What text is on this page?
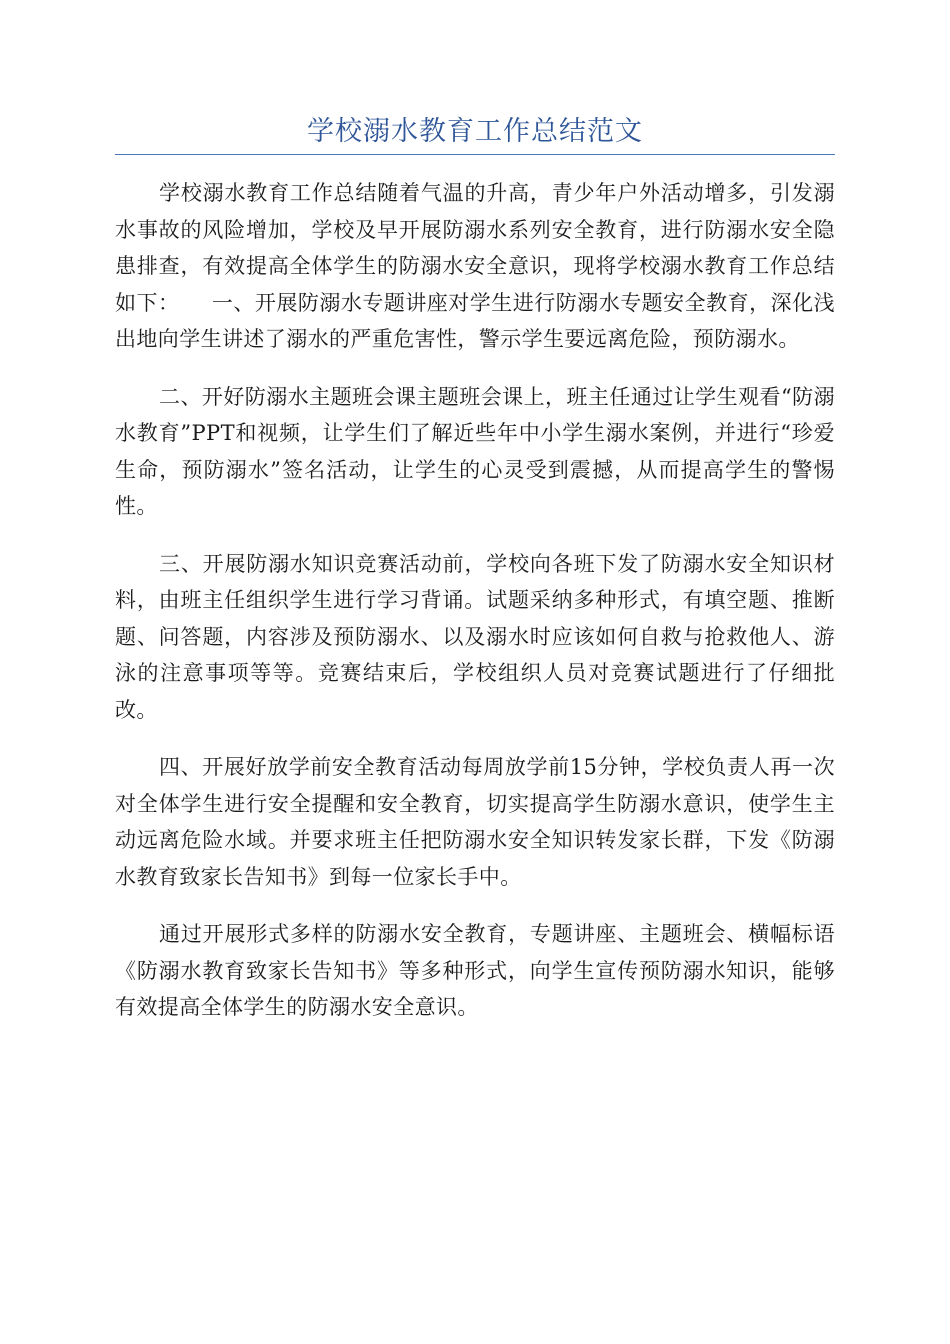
学校溺水教育工作总结范文

学校溺水教育工作总结随着气温的升高，青少年户外活动增多，引发溺水事故的风险增加，学校及早开展防溺水系列安全教育，进行防溺水安全隐患排查，有效提高全体学生的防溺水安全意识，现将学校溺水教育工作总结如下：　　一、开展防溺水专题讲座对学生进行防溺水专题安全教育，深化浅出地向学生讲述了溺水的严重危害性，警示学生要远离危险，预防溺水。

二、开好防溺水主题班会课主题班会课上，班主任通过让学生观看“防溺水教育”PPT和视频，让学生们了解近些年中小学生溺水案例，并进行“珍爱生命，预防溺水”签名活动，让学生的心灵受到震撼，从而提高学生的警惕性。

三、开展防溺水知识竞赛活动前，学校向各班下发了防溺水安全知识材料，由班主任组织学生进行学习背诵。试题采纳多种形式，有填空题、推断题、问答题，内容涉及预防溺水、以及溺水时应该如何自救与抢救他人、游泳的注意事项等等。竞赛结束后，学校组织人员对竞赛试题进行了仔细批改。

四、开展好放学前安全教育活动每周放学前15分钟，学校负责人再一次对全体学生进行安全提醒和安全教育，切实提高学生防溺水意识，使学生主动远离危险水域。并要求班主任把防溺水安全知识转发家长群，下发《防溺水教育致家长告知书》到每一位家长手中。

通过开展形式多样的防溺水安全教育，专题讲座、主题班会、横幅标语《防溺水教育致家长告知书》等多种形式，向学生宣传预防溺水知识，能够有效提高全体学生的防溺水安全意识。
